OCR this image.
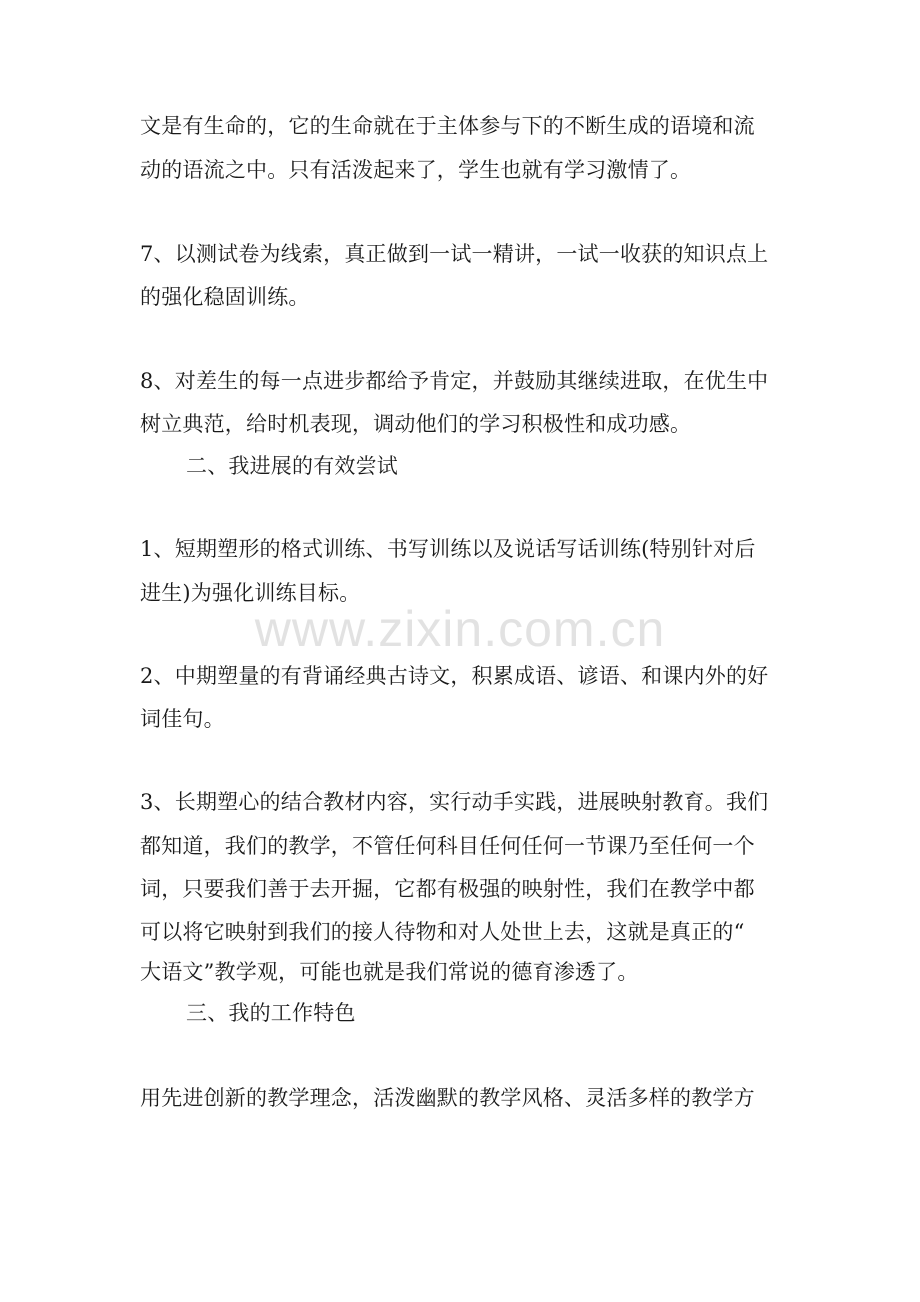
文是有生命的，它的生命就在于主体参与下的不断生成的语境和流
动的语流之中。只有活泼起来了，学生也就有学习激情了。
7、以测试卷为线索，真正做到一试一精讲，一试一收获的知识点上
的强化稳固训练。
8、对差生的每一点进步都给予肯定，并鼓励其继续进取，在优生中
树立典范，给时机表现，调动他们的学习积极性和成功感。
二、我进展的有效尝试
1、短期塑形的格式训练、书写训练以及说话写话训练(特别针对后
进生)为强化训练目标。
2、中期塑量的有背诵经典古诗文，积累成语、谚语、和课内外的好
词佳句。
3、长期塑心的结合教材内容，实行动手实践，进展映射教育。我们
都知道，我们的教学，不管任何科目任何任何一节课乃至任何一个
词，只要我们善于去开掘，它都有极强的映射性，我们在教学中都
可以将它映射到我们的接人待物和对人处世上去，这就是真正的“
大语文”教学观，可能也就是我们常说的德育渗透了。
三、我的工作特色
用先进创新的教学理念，活泼幽默的教学风格、灵活多样的教学方
www.zixin.com.cn
